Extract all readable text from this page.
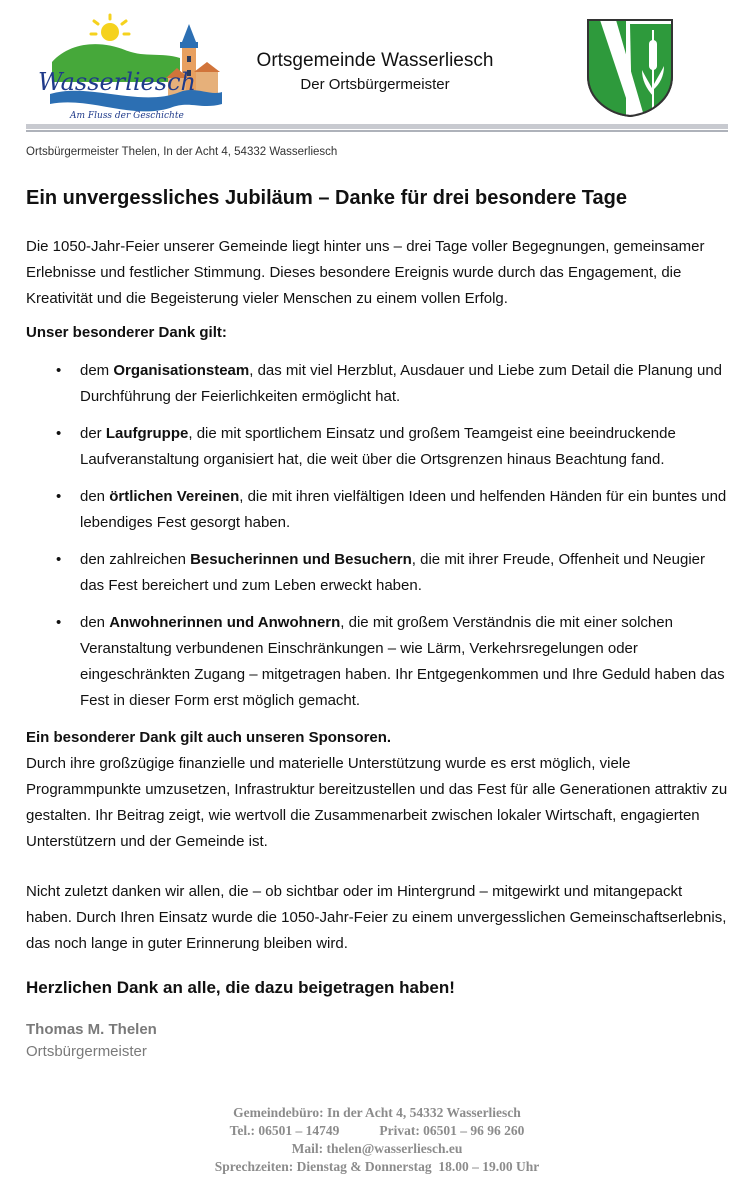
Wasserliesch
Am Fluss der Geschichte
Ortsgemeinde Wasserliesch
Der Ortsbürgermeister
Ortsbürgermeister Thelen, In der Acht 4, 54332 Wasserliesch
Ein unvergessliches Jubiläum – Danke für drei besondere Tage

Die 1050-Jahr-Feier unserer Gemeinde liegt hinter uns – drei Tage voller Begegnungen, gemeinsamer Erlebnisse und festlicher Stimmung. Dieses besondere Ereignis wurde durch das Engagement, die Kreativität und die Begeisterung vieler Menschen zu einem vollen Erfolg.

Unser besonderer Dank gilt:

• dem Organisationsteam, das mit viel Herzblut, Ausdauer und Liebe zum Detail die Planung und Durchführung der Feierlichkeiten ermöglicht hat.
• der Laufgruppe, die mit sportlichem Einsatz und großem Teamgeist eine beeindruckende Laufveranstaltung organisiert hat, die weit über die Ortsgrenzen hinaus Beachtung fand.
• den örtlichen Vereinen, die mit ihren vielfältigen Ideen und helfenden Händen für ein buntes und lebendiges Fest gesorgt haben.
• den zahlreichen Besucherinnen und Besuchern, die mit ihrer Freude, Offenheit und Neugier das Fest bereichert und zum Leben erweckt haben.
• den Anwohnerinnen und Anwohnern, die mit großem Verständnis die mit einer solchen Veranstaltung verbundenen Einschränkungen – wie Lärm, Verkehrsregelungen oder eingeschränkten Zugang – mitgetragen haben. Ihr Entgegenkommen und Ihre Geduld haben das Fest in dieser Form erst möglich gemacht.

Ein besonderer Dank gilt auch unseren Sponsoren.

Durch ihre großzügige finanzielle und materielle Unterstützung wurde es erst möglich, viele Programmpunkte umzusetzen, Infrastruktur bereitzustellen und das Fest für alle Generationen attraktiv zu gestalten. Ihr Beitrag zeigt, wie wertvoll die Zusammenarbeit zwischen lokaler Wirtschaft, engagierten Unterstützern und der Gemeinde ist.

Nicht zuletzt danken wir allen, die – ob sichtbar oder im Hintergrund – mitgewirkt und mitangepackt haben. Durch Ihren Einsatz wurde die 1050-Jahr-Feier zu einem unvergesslichen Gemeinschaftserlebnis, das noch lange in guter Erinnerung bleiben wird.

Herzlichen Dank an alle, die dazu beigetragen haben!

Thomas M. Thelen

Ortsbürgermeister

Gemeindebüro: In der Acht 4, 54332 Wasserliesch
Tel.: 06501 – 14749	Privat: 06501 – 96 96 260
Mail: thelen@wasserliesch.eu
Sprechzeiten: Dienstag & Donnerstag  18.00 – 19.00 Uhr
